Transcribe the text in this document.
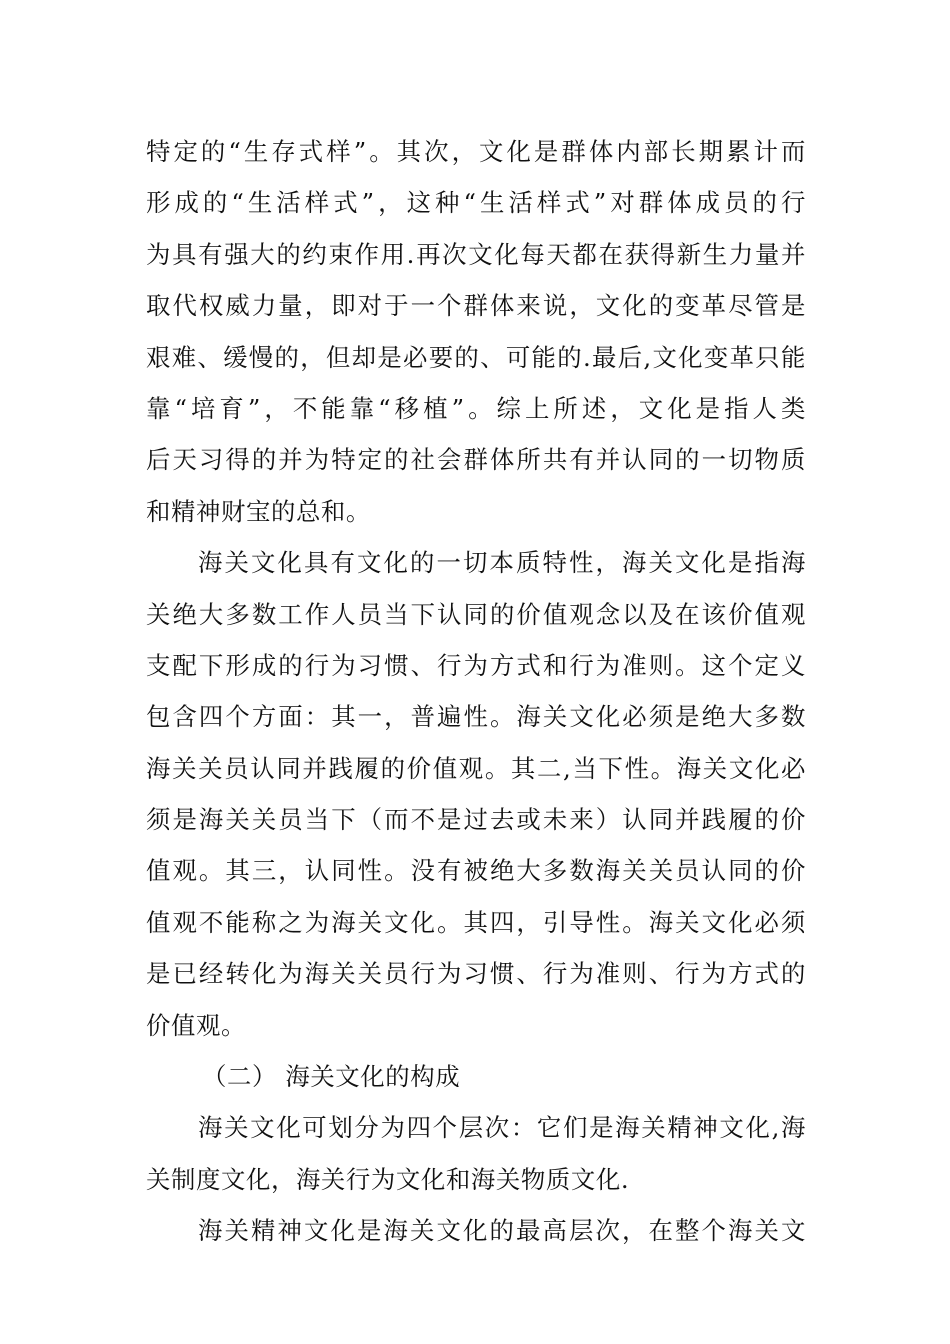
特定的“生存式样”。其次，文化是群体内部长期累计而
形成的“生活样式”，这种“生活样式”对群体成员的行
为具有强大的约束作用.再次文化每天都在获得新生力量并
取代权威力量，即对于一个群体来说，文化的变革尽管是
艰难、缓慢的，但却是必要的、可能的.最后,文化变革只能
靠“培育”，不能靠“移植”。综上所述，文化是指人类
后天习得的并为特定的社会群体所共有并认同的一切物质
和精神财宝的总和。
海关文化具有文化的一切本质特性，海关文化是指海
关绝大多数工作人员当下认同的价值观念以及在该价值观
支配下形成的行为习惯、行为方式和行为准则。这个定义
包含四个方面：其一，普遍性。海关文化必须是绝大多数
海关关员认同并践履的价值观。其二,当下性。海关文化必
须是海关关员当下（而不是过去或未来）认同并践履的价
值观。其三，认同性。没有被绝大多数海关关员认同的价
值观不能称之为海关文化。其四，引导性。海关文化必须
是已经转化为海关关员行为习惯、行为准则、行为方式的
价值观。
（二） 海关文化的构成
海关文化可划分为四个层次：它们是海关精神文化,海
关制度文化，海关行为文化和海关物质文化.
海关精神文化是海关文化的最高层次，在整个海关文
